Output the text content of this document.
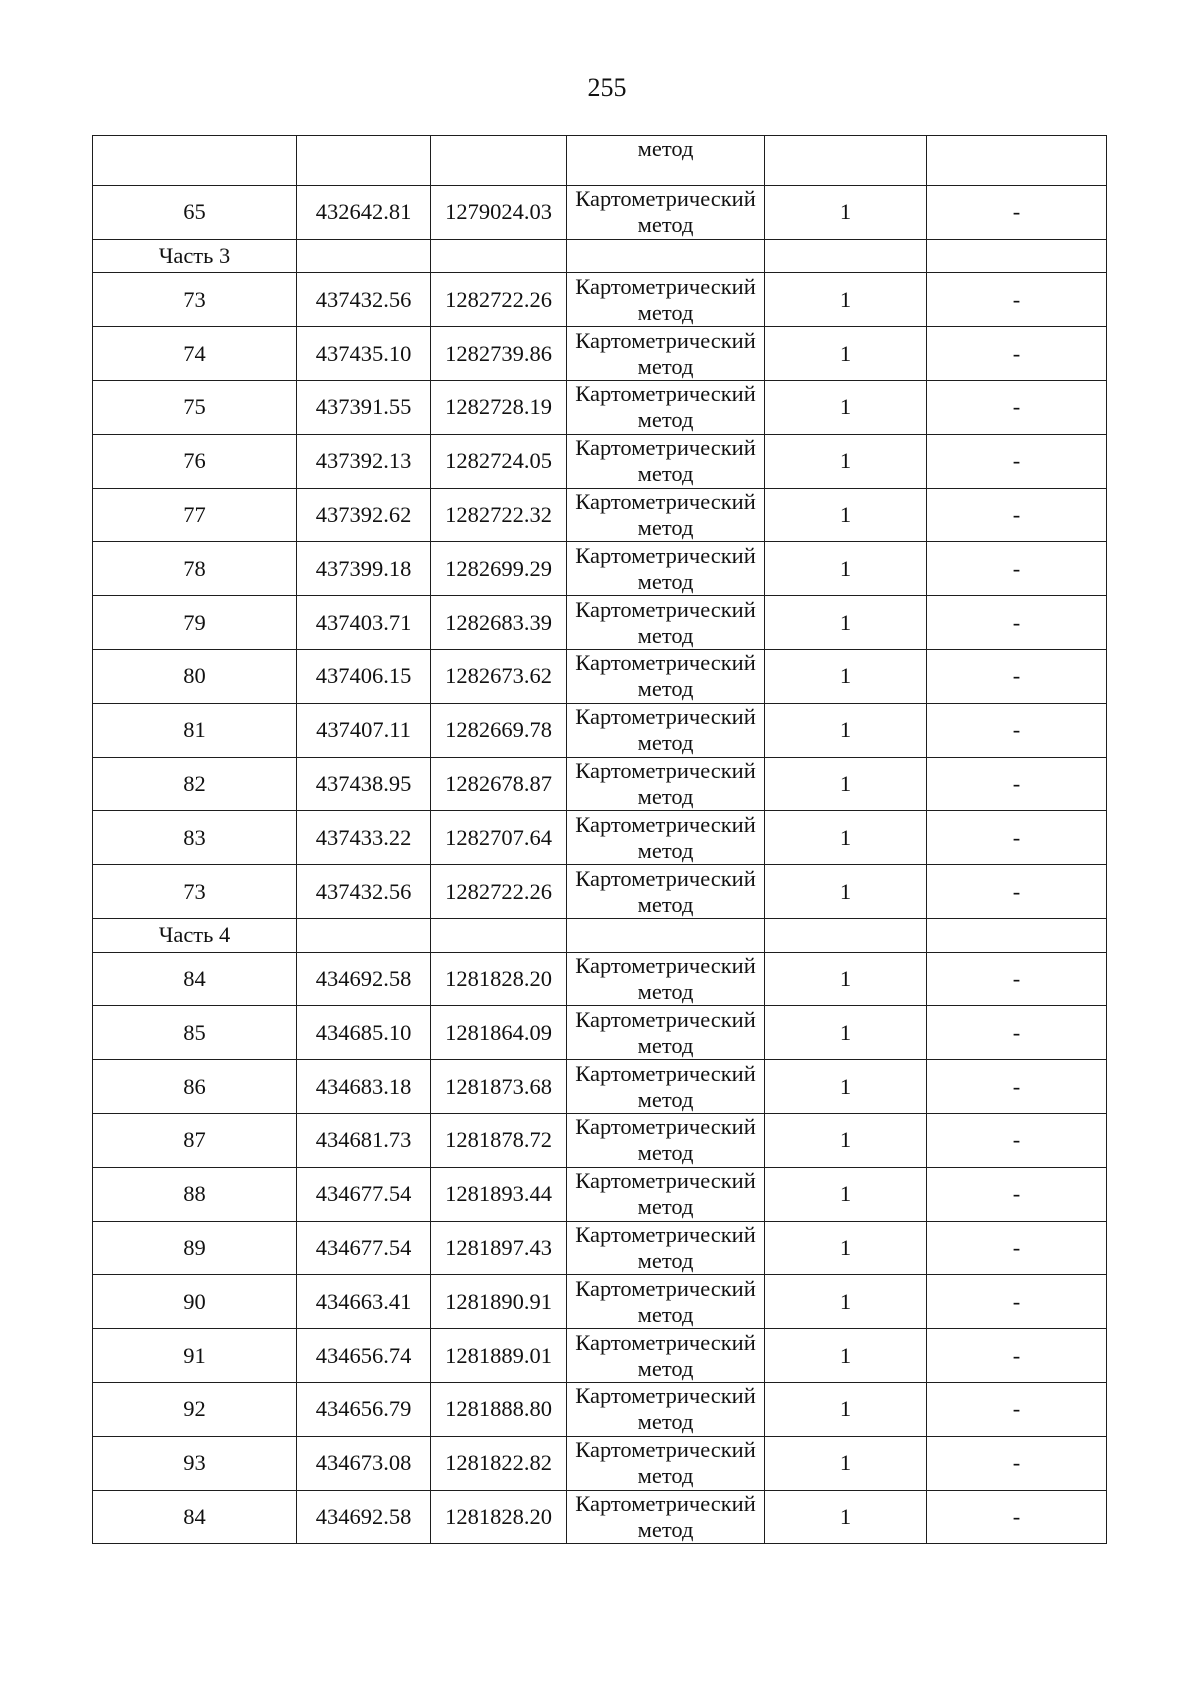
255
			метод		
65	432642.81	1279024.03	Картометрический метод	1	-
Часть 3					
73	437432.56	1282722.26	Картометрический метод	1	-
74	437435.10	1282739.86	Картометрический метод	1	-
75	437391.55	1282728.19	Картометрический метод	1	-
76	437392.13	1282724.05	Картометрический метод	1	-
77	437392.62	1282722.32	Картометрический метод	1	-
78	437399.18	1282699.29	Картометрический метод	1	-
79	437403.71	1282683.39	Картометрический метод	1	-
80	437406.15	1282673.62	Картометрический метод	1	-
81	437407.11	1282669.78	Картометрический метод	1	-
82	437438.95	1282678.87	Картометрический метод	1	-
83	437433.22	1282707.64	Картометрический метод	1	-
73	437432.56	1282722.26	Картометрический метод	1	-
Часть 4					
84	434692.58	1281828.20	Картометрический метод	1	-
85	434685.10	1281864.09	Картометрический метод	1	-
86	434683.18	1281873.68	Картометрический метод	1	-
87	434681.73	1281878.72	Картометрический метод	1	-
88	434677.54	1281893.44	Картометрический метод	1	-
89	434677.54	1281897.43	Картометрический метод	1	-
90	434663.41	1281890.91	Картометрический метод	1	-
91	434656.74	1281889.01	Картометрический метод	1	-
92	434656.79	1281888.80	Картометрический метод	1	-
93	434673.08	1281822.82	Картометрический метод	1	-
84	434692.58	1281828.20	Картометрический метод	1	-
